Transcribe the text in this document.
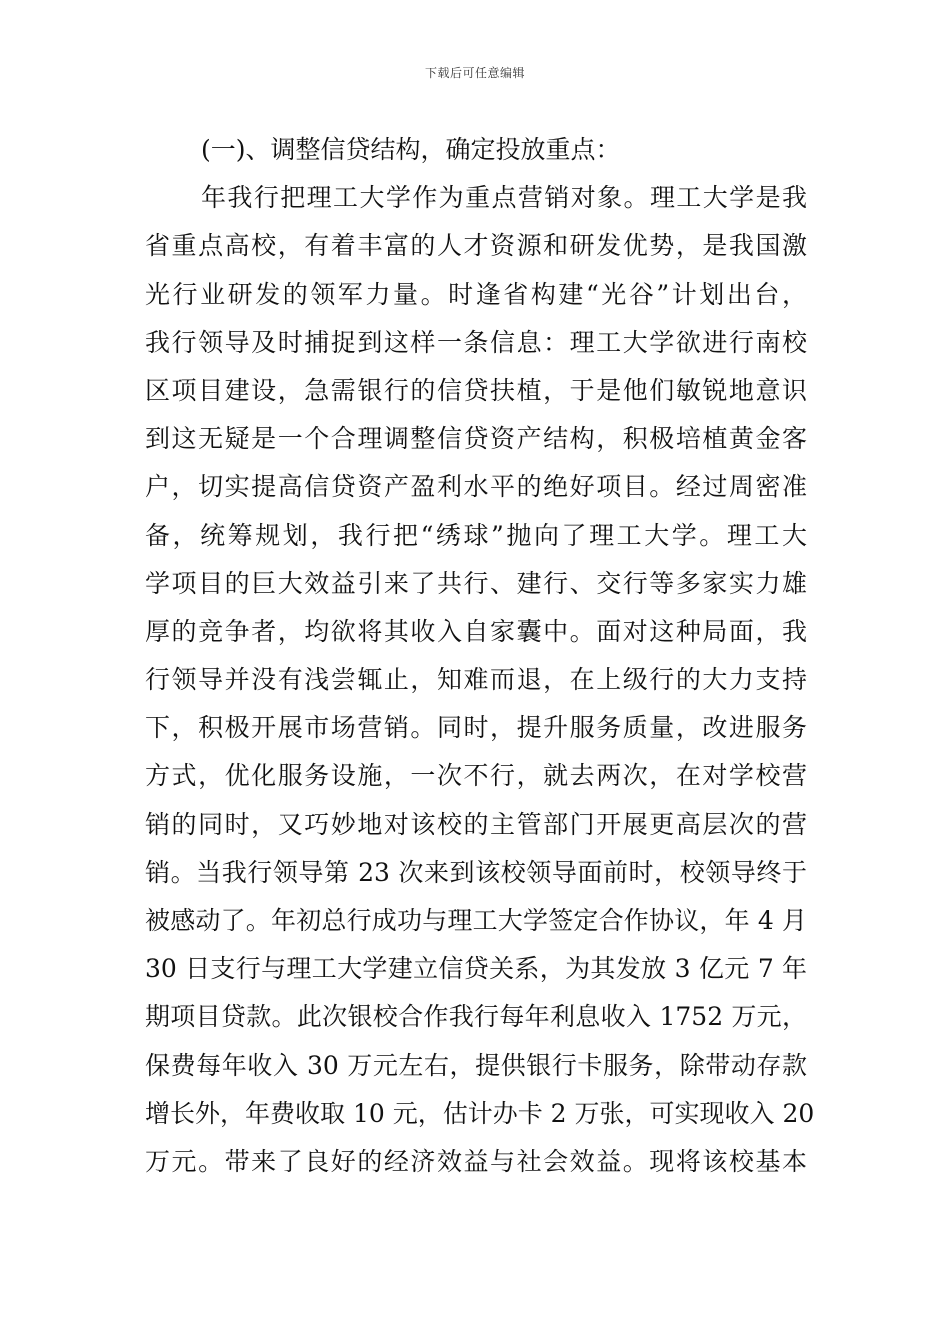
下载后可任意编辑
(一)、调整信贷结构，确定投放重点：
年我行把理工大学作为重点营销对象。理工大学是我
省重点高校，有着丰富的人才资源和研发优势，是我国激
光行业研发的领军力量。时逢省构建“光谷”计划出台，
我行领导及时捕捉到这样一条信息：理工大学欲进行南校
区项目建设，急需银行的信贷扶植，于是他们敏锐地意识
到这无疑是一个合理调整信贷资产结构，积极培植黄金客
户，切实提高信贷资产盈利水平的绝好项目。经过周密准
备，统筹规划，我行把“绣球”抛向了理工大学。理工大
学项目的巨大效益引来了共行、建行、交行等多家实力雄
厚的竞争者，均欲将其收入自家囊中。面对这种局面，我
行领导并没有浅尝辄止，知难而退，在上级行的大力支持
下，积极开展市场营销。同时，提升服务质量，改进服务
方式，优化服务设施，一次不行，就去两次，在对学校营
销的同时，又巧妙地对该校的主管部门开展更高层次的营
销。当我行领导第 23 次来到该校领导面前时，校领导终于
被感动了。年初总行成功与理工大学签定合作协议，年 4 月
30 日支行与理工大学建立信贷关系，为其发放 3 亿元 7 年
期项目贷款。此次银校合作我行每年利息收入 1752 万元，
保费每年收入 30 万元左右，提供银行卡服务，除带动存款
增长外，年费收取 10 元，估计办卡 2 万张，可实现收入 20
万元。带来了良好的经济效益与社会效益。现将该校基本
